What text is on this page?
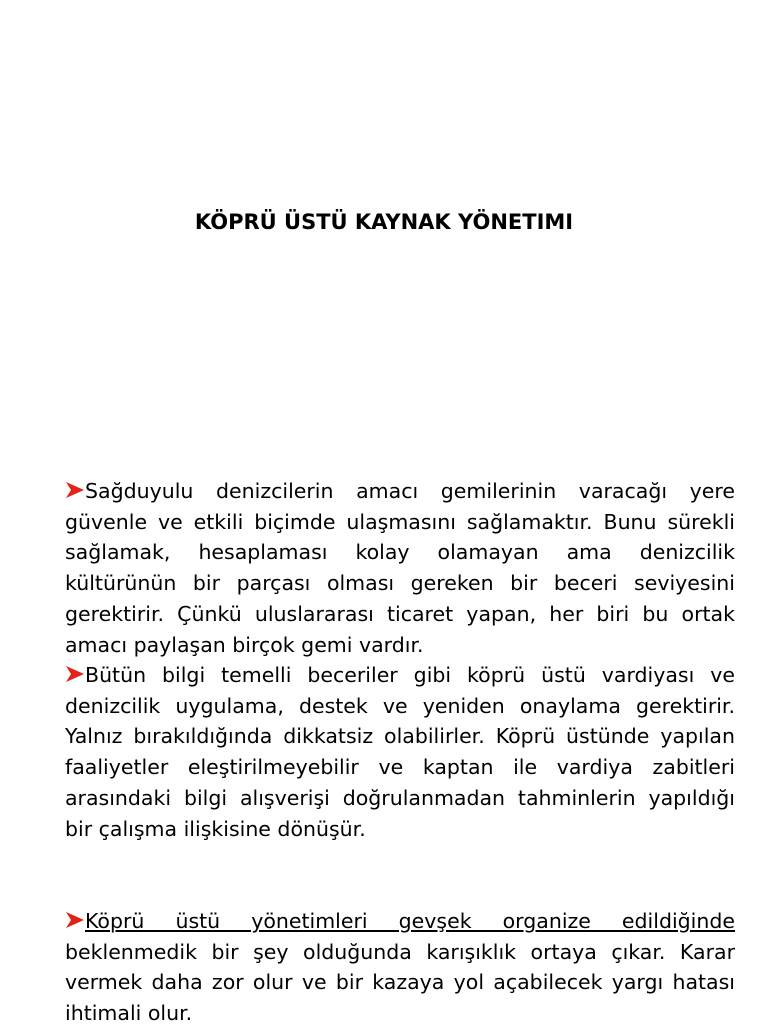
KÖPRÜ ÜSTÜ KAYNAK YÖNETIMI
Sağduyulu denizcilerin amacı gemilerinin varacağı yere güvenle ve etkili biçimde ulaşmasını sağlamaktır. Bunu sürekli sağlamak, hesaplaması kolay olamayan ama denizcilik kültürünün bir parçası olması gereken bir beceri seviyesini gerektirir. Çünkü uluslararası ticaret yapan, her biri bu ortak amacı paylaşan birçok gemi vardır.
Bütün bilgi temelli beceriler gibi köprü üstü vardiyası ve denizcilik uygulama, destek ve yeniden onaylama gerektirir. Yalnız bırakıldığında dikkatsiz olabilirler. Köprü üstünde yapılan faaliyetler eleştirilmeyebilir ve kaptan ile vardiya zabitleri arasındaki bilgi alışverişi doğrulanmadan tahminlerin yapıldığı bir çalışma ilişkisine dönüşür.
Köprü üstü yönetimleri gevşek organize edildiğinde beklenmedik bir şey olduğunda karışıklık ortaya çıkar. Karar vermek daha zor olur ve bir kazaya yol açabilecek yargı hatası ihtimali olur.
